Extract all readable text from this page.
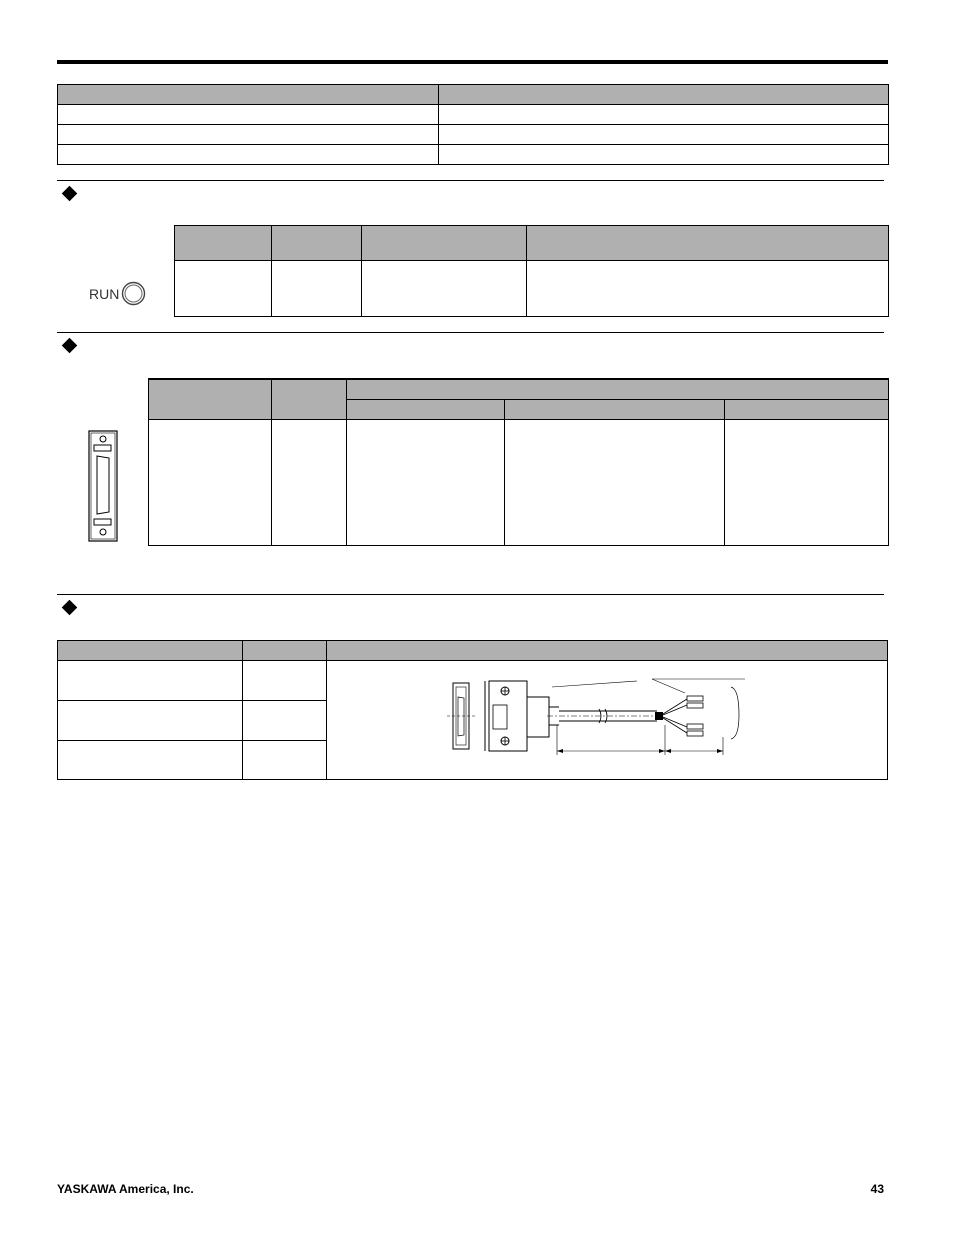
RUN

YASKAWA America, Inc.	43
